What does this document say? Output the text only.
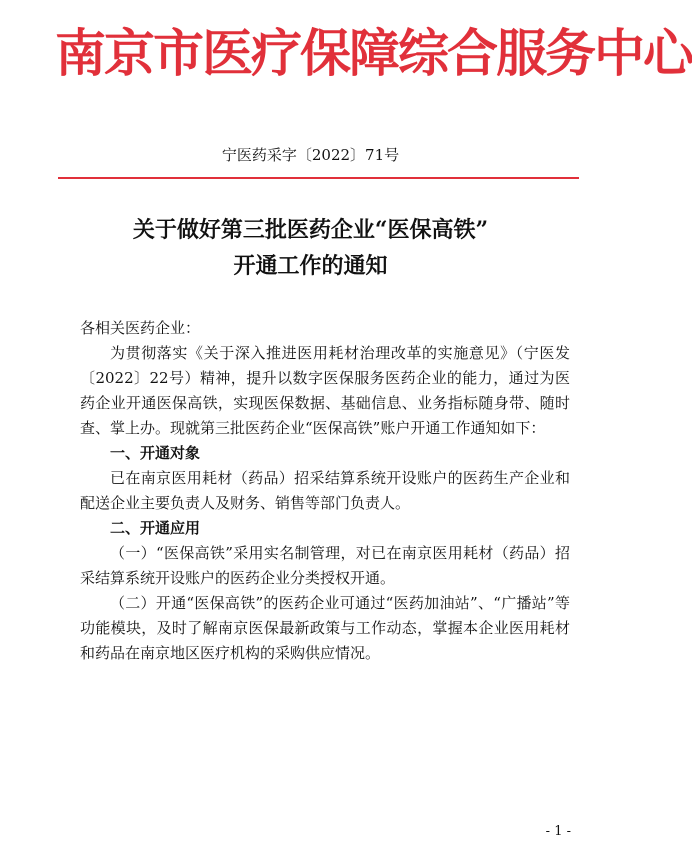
南京市医疗保障综合服务中心
宁医药采字〔2022〕71号
关于做好第三批医药企业“医保高铁”
开通工作的通知

各相关医药企业：

为贯彻落实《关于深入推进医用耗材治理改革的实施意见》（宁医发〔2022〕22号）精神，提升以数字医保服务医药企业的能力，通过为医药企业开通医保高铁，实现医保数据、基础信息、业务指标随身带、随时查、掌上办。现就第三批医药企业“医保高铁”账户开通工作通知如下：

一、开通对象

已在南京医用耗材（药品）招采结算系统开设账户的医药生产企业和配送企业主要负责人及财务、销售等部门负责人。

二、开通应用

（一）“医保高铁”采用实名制管理，对已在南京医用耗材（药品）招采结算系统开设账户的医药企业分类授权开通。

（二）开通“医保高铁”的医药企业可通过“医药加油站”、“广播站”等功能模块，及时了解南京医保最新政策与工作动态，掌握本企业医用耗材和药品在南京地区医疗机构的采购供应情况。

- 1 -
